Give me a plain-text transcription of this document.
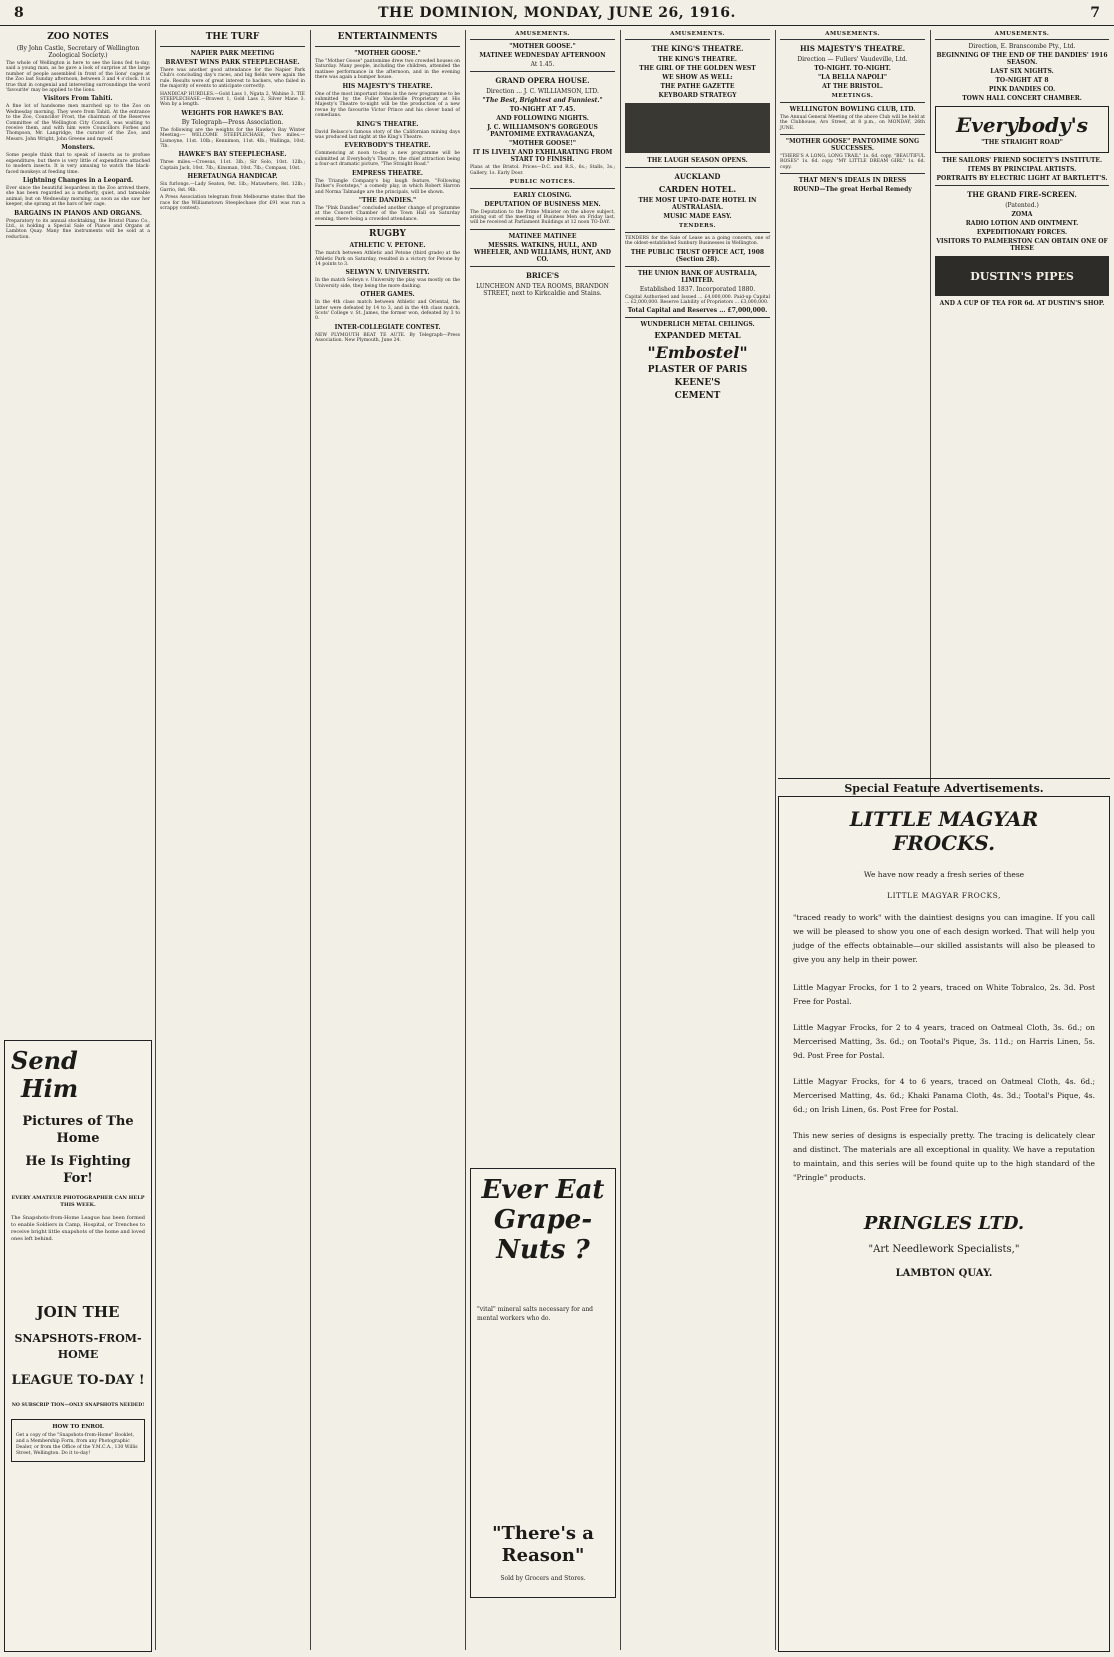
8	THE DOMINION, MONDAY, JUNE 26, 1916.	7
ZOO NOTES
(By John Castle, Secretary of Wellington Zoological Society.)
The whole of Wellington is here to see the lions fed to-day, said a young man, as he gave a look of surprise at the large number of people assembled in front of the lions' cages at the Zoo last Sunday afternoon, between 3 and 4 o'clock. It is true that in congenial and interesting surroundings the word 'favourite' may be applied to the lions.
Visitors From Tahiti.
A fine lot of handsome men marched up to the Zoo on Wednesday morning. They were from Tahiti. At the entrance to the Zoo, Councillor Frost, the chairman of the Reserves Committee of the Wellington City Council, was waiting to receive them, and with him were Councillors Forbes and Thompson, Mr. Langridge, the curator of the Zoo, and Messrs. John Wright, John Greene and myself.
Monsters.
Some people think that to speak of insects as to profuse expenditure; but there is very little of expenditure attached to modern insects. It is very amusing to watch the black-faced monkeys at feeding time.
Lightning Changes in a Leopard.
Ever since the beautiful leopardess in the Zoo arrived there, she has been regarded as a motherly, quiet, and tameable animal; but on Wednesday morning, as soon as she saw her keeper, she sprang at the bars of her cage.
BARGAINS IN PIANOS AND ORGANS.
Preparatory to its annual stocktaking, the Bristol Piano Co., Ltd., is holding a Special Sale of Pianos and Organs at Lambton Quay. Many fine instruments will be sold at a reduction.
Send
Him
Pictures of The Home
He Is Fighting For!
EVERY AMATEUR PHOTOGRAPHER CAN HELP THIS WEEK.
The Snapshots-from-Home League has been formed to enable Soldiers in Camp, Hospital, or Trenches to receive bright little snapshots of the home and loved ones left behind.
JOIN THE
SNAPSHOTS-FROM-HOME
LEAGUE TO-DAY !
NO SUBSCRIP TION—ONLY SNAPSHOTS NEEDED!
HOW TO ENROL
Get a copy of the "Snapshots-from-Home" Booklet, and a Membership Form, from any Photographic Dealer, or from the Office of the Y.M.C.A., 130 Willis Street, Wellington. Do it to-day!
THE TURF
NAPIER PARK MEETING
BRAVEST WINS PARK STEEPLECHASE.
There was another good attendance for the Napier Park Club's concluding day's races, and big fields were again the rule. Results were of great interest to backers, who failed in the majority of events to anticipate correctly.
HANDICAP HURDLES.—Gold Lass 1, Ngata 2, Wahine 3. TIE STEEPLECHASE.—Bravest 1, Gold Lass 2, Silver Mane 3. Won by a length.
WEIGHTS FOR HAWKE'S BAY.
By Telegraph—Press Association.
The following are the weights for the Hawke's Bay Winter Meeting:— WELCOME STEEPLECHASE, Two miles.—Lismoyne, 11st. 10lb.; Kennimon, 11st. 4lb.; Wallinga, 10st. 7lb.
HAWKE'S BAY STEEPLECHASE.
Three miles.—Croesus, 11st. 3lb.; Sir Solo, 10st. 12lb.; Captain Jack, 10st. 7lb.; Kinsman, 10st. 7lb.; Compass, 10st.
HERETAUNGA HANDICAP.
Six furlongs.—Lady Seaton, 9st. 1lb.; Matawhero, 8st. 12lb.; Garrio, 8st. 9lb.
A Press Association telegram from Melbourne states that the race for the Williamstown Steeplechase (for £91 was run a scrappy contest).
ENTERTAINMENTS
"MOTHER GOOSE."
The "Mother Goose" pantomime drew two crowded houses on Saturday. Many people, including the children, attended the matinee performance in the afternoon, and in the evening there was again a bumper house.
HIS MAJESTY'S THEATRE.
One of the most important items in the new programme to be submitted by the Fuller Vaudeville Proprietary at His Majesty's Theatre to-night will be the production of a new revue by the favourite Victor Prince and his clever band of comedians.
KING'S THEATRE.
David Belasco's famous story of the Californian mining days was produced last night at the King's Theatre.
EVERYBODY'S THEATRE.
Commencing at noon to-day a new programme will be submitted at Everybody's Theatre, the chief attraction being a four-act dramatic picture, "The Straight Road."
EMPRESS THEATRE.
The Triangle Company's big laugh feature, "Following Father's Footsteps," a comedy play, in which Robert Harron and Norma Talmadge are the principals, will be shown.
"THE DANDIES."
The "Pink Dandies" concluded another change of programme at the Concert Chamber of the Town Hall on Saturday evening, there being a crowded attendance.
RUGBY
ATHLETIC V. PETONE.
The match between Athletic and Petone (third grade) at the Athletic Park on Saturday, resulted in a victory for Petone by 14 points to 3.
SELWYN V. UNIVERSITY.
In the match Selwyn v. University the play was mostly on the University side, they being the more dashing.
OTHER GAMES.
In the 4th class match between Athletic and Oriental, the latter were defeated by 14 to 3, and in the 4th class match, Scots' College v. St. James, the former won, defeated by 3 to 0.
INTER-COLLEGIATE CONTEST.
NEW PLYMOUTH BEAT TE AUTE. By Telegraph—Press Association. New Plymouth, June 24.
AMUSEMENTS.
"MOTHER GOOSE."
MATINEE WEDNESDAY AFTERNOON
At 1.45.
GRAND OPERA HOUSE.
Direction ... J. C. WILLIAMSON, LTD.
"The Best, Brightest and Funniest."
TO-NIGHT AT 7.45.
AND FOLLOWING NIGHTS.
J. C. WILLIAMSON'S GORGEOUS PANTOMIME EXTRAVAGANZA,
"MOTHER GOOSE!"
IT IS LIVELY AND EXHILARATING FROM START TO FINISH.
Plans at the Bristol. Prices—D.C. and R.S., 6s.; Stalls, 3s.; Gallery, 1s. Early Door.
PUBLIC NOTICES.
EARLY CLOSING.
DEPUTATION OF BUSINESS MEN.
The Deputation to the Prime Minister on the above subject, arising out of the meeting of Business Men on Friday last, will be received at Parliament Buildings at 12 noon TO-DAY.
MATINEE MATINEE
MESSRS. WATKINS, HULL, AND WHEELER, AND WILLIAMS, HUNT, AND CO.
BRICE'S
LUNCHEON AND TEA ROOMS, BRANDON STREET, next to Kirkcaldie and Stains.
Ever Eat
Grape-Nuts ?
"vital" mineral salts necessary for and mental workers who do.
"There's a Reason"
Sold by Grocers and Stores.
AMUSEMENTS.
THE KING'S THEATRE.
THE KING'S THEATRE.
THE GIRL OF THE GOLDEN WEST
WE SHOW AS WELL:
THE PATHE GAZETTE
KEYBOARD STRATEGY
THE LAUGH SEASON OPENS.
AUCKLAND
CARDEN HOTEL.
THE MOST UP-TO-DATE HOTEL IN AUSTRALASIA.
MUSIC MADE EASY.
TENDERS.
TENDERS for the Sale of Lease as a going concern, one of the oldest-established Sunbury Businesses in Wellington.
THE PUBLIC TRUST OFFICE ACT, 1908 (Section 28).
THE UNION BANK OF AUSTRALIA, LIMITED.
Established 1837. Incorporated 1880.
Capital Authorised and Issued ... £4,000,000. Paid-up Capital ... £2,000,000. Reserve Liability of Proprietors ... £3,000,000.
Total Capital and Reserves ... £7,000,000.
WUNDERLICH METAL CEILINGS.
EXPANDED METAL
"Embostel"
PLASTER OF PARIS
KEENE'S
CEMENT
AMUSEMENTS.
HIS MAJESTY'S THEATRE.
Direction — Fullers' Vaudeville, Ltd.
TO-NIGHT. TO-NIGHT.
"LA BELLA NAPOLI"
AT THE BRISTOL.
MEETINGS.
WELLINGTON BOWLING CLUB, LTD.
The Annual General Meeting of the above Club will be held at the Clubhouse, Aro Street, at 8 p.m., on MONDAY, 26th JUNE.
"MOTHER GOOSE" PANTOMIME SONG SUCCESSES.
"THERE'S A LONG, LONG TRAIL" 1s. 6d. copy. "BEAUTIFUL ROSES" 1s. 6d. copy. "MY LITTLE DREAM GIRL" 1s. 6d. copy.
THAT MEN'S IDEALS IN DRESS
ROUND—The great Herbal Remedy
AMUSEMENTS.
Direction, E. Branscombe Pty., Ltd.
BEGINNING OF THE END OF THE DANDIES' 1916 SEASON.
LAST SIX NIGHTS.
TO-NIGHT AT 8
PINK DANDIES CO.
TOWN HALL CONCERT CHAMBER.
Everybody's
"THE STRAIGHT ROAD"
THE SAILORS' FRIEND SOCIETY'S INSTITUTE.
ITEMS BY PRINCIPAL ARTISTS.
PORTRAITS BY ELECTRIC LIGHT AT BARTLETT'S.
THE GRAND FIRE-SCREEN.
(Patented.)
ZOMA
RADIO LOTION AND OINTMENT.
EXPEDITIONARY FORCES.
VISITORS TO PALMERSTON CAN OBTAIN ONE OF THESE
DUSTIN'S PIPES
AND A CUP OF TEA FOR 6d. AT DUSTIN'S SHOP.
Special Feature Advertisements.
LITTLE MAGYAR
FROCKS.
We have now ready a fresh series of these
LITTLE MAGYAR FROCKS,
"traced ready to work" with the daintiest designs you can imagine. If you call we will be pleased to show you one of each design worked. That will help you judge of the effects obtainable—our skilled assistants will also be pleased to give you any help in their power.
Little Magyar Frocks, for 1 to 2 years, traced on White Tobralco, 2s. 3d. Post Free for Postal.
Little Magyar Frocks, for 2 to 4 years, traced on Oatmeal Cloth, 3s. 6d.; on Mercerised Matting, 3s. 6d.; on Tootal's Pique, 3s. 11d.; on Harris Linen, 5s. 9d. Post Free for Postal.
Little Magyar Frocks, for 4 to 6 years, traced on Oatmeal Cloth, 4s. 6d.; Mercerised Matting, 4s. 6d.; Khaki Panama Cloth, 4s. 3d.; Tootal's Pique, 4s. 6d.; on Irish Linen, 6s. Post Free for Postal.
This new series of designs is especially pretty. The tracing is delicately clear and distinct. The materials are all exceptional in quality. We have a reputation to maintain, and this series will be found quite up to the high standard of the "Pringle" products.
PRINGLES LTD.
"Art Needlework Specialists,"
LAMBTON QUAY.
